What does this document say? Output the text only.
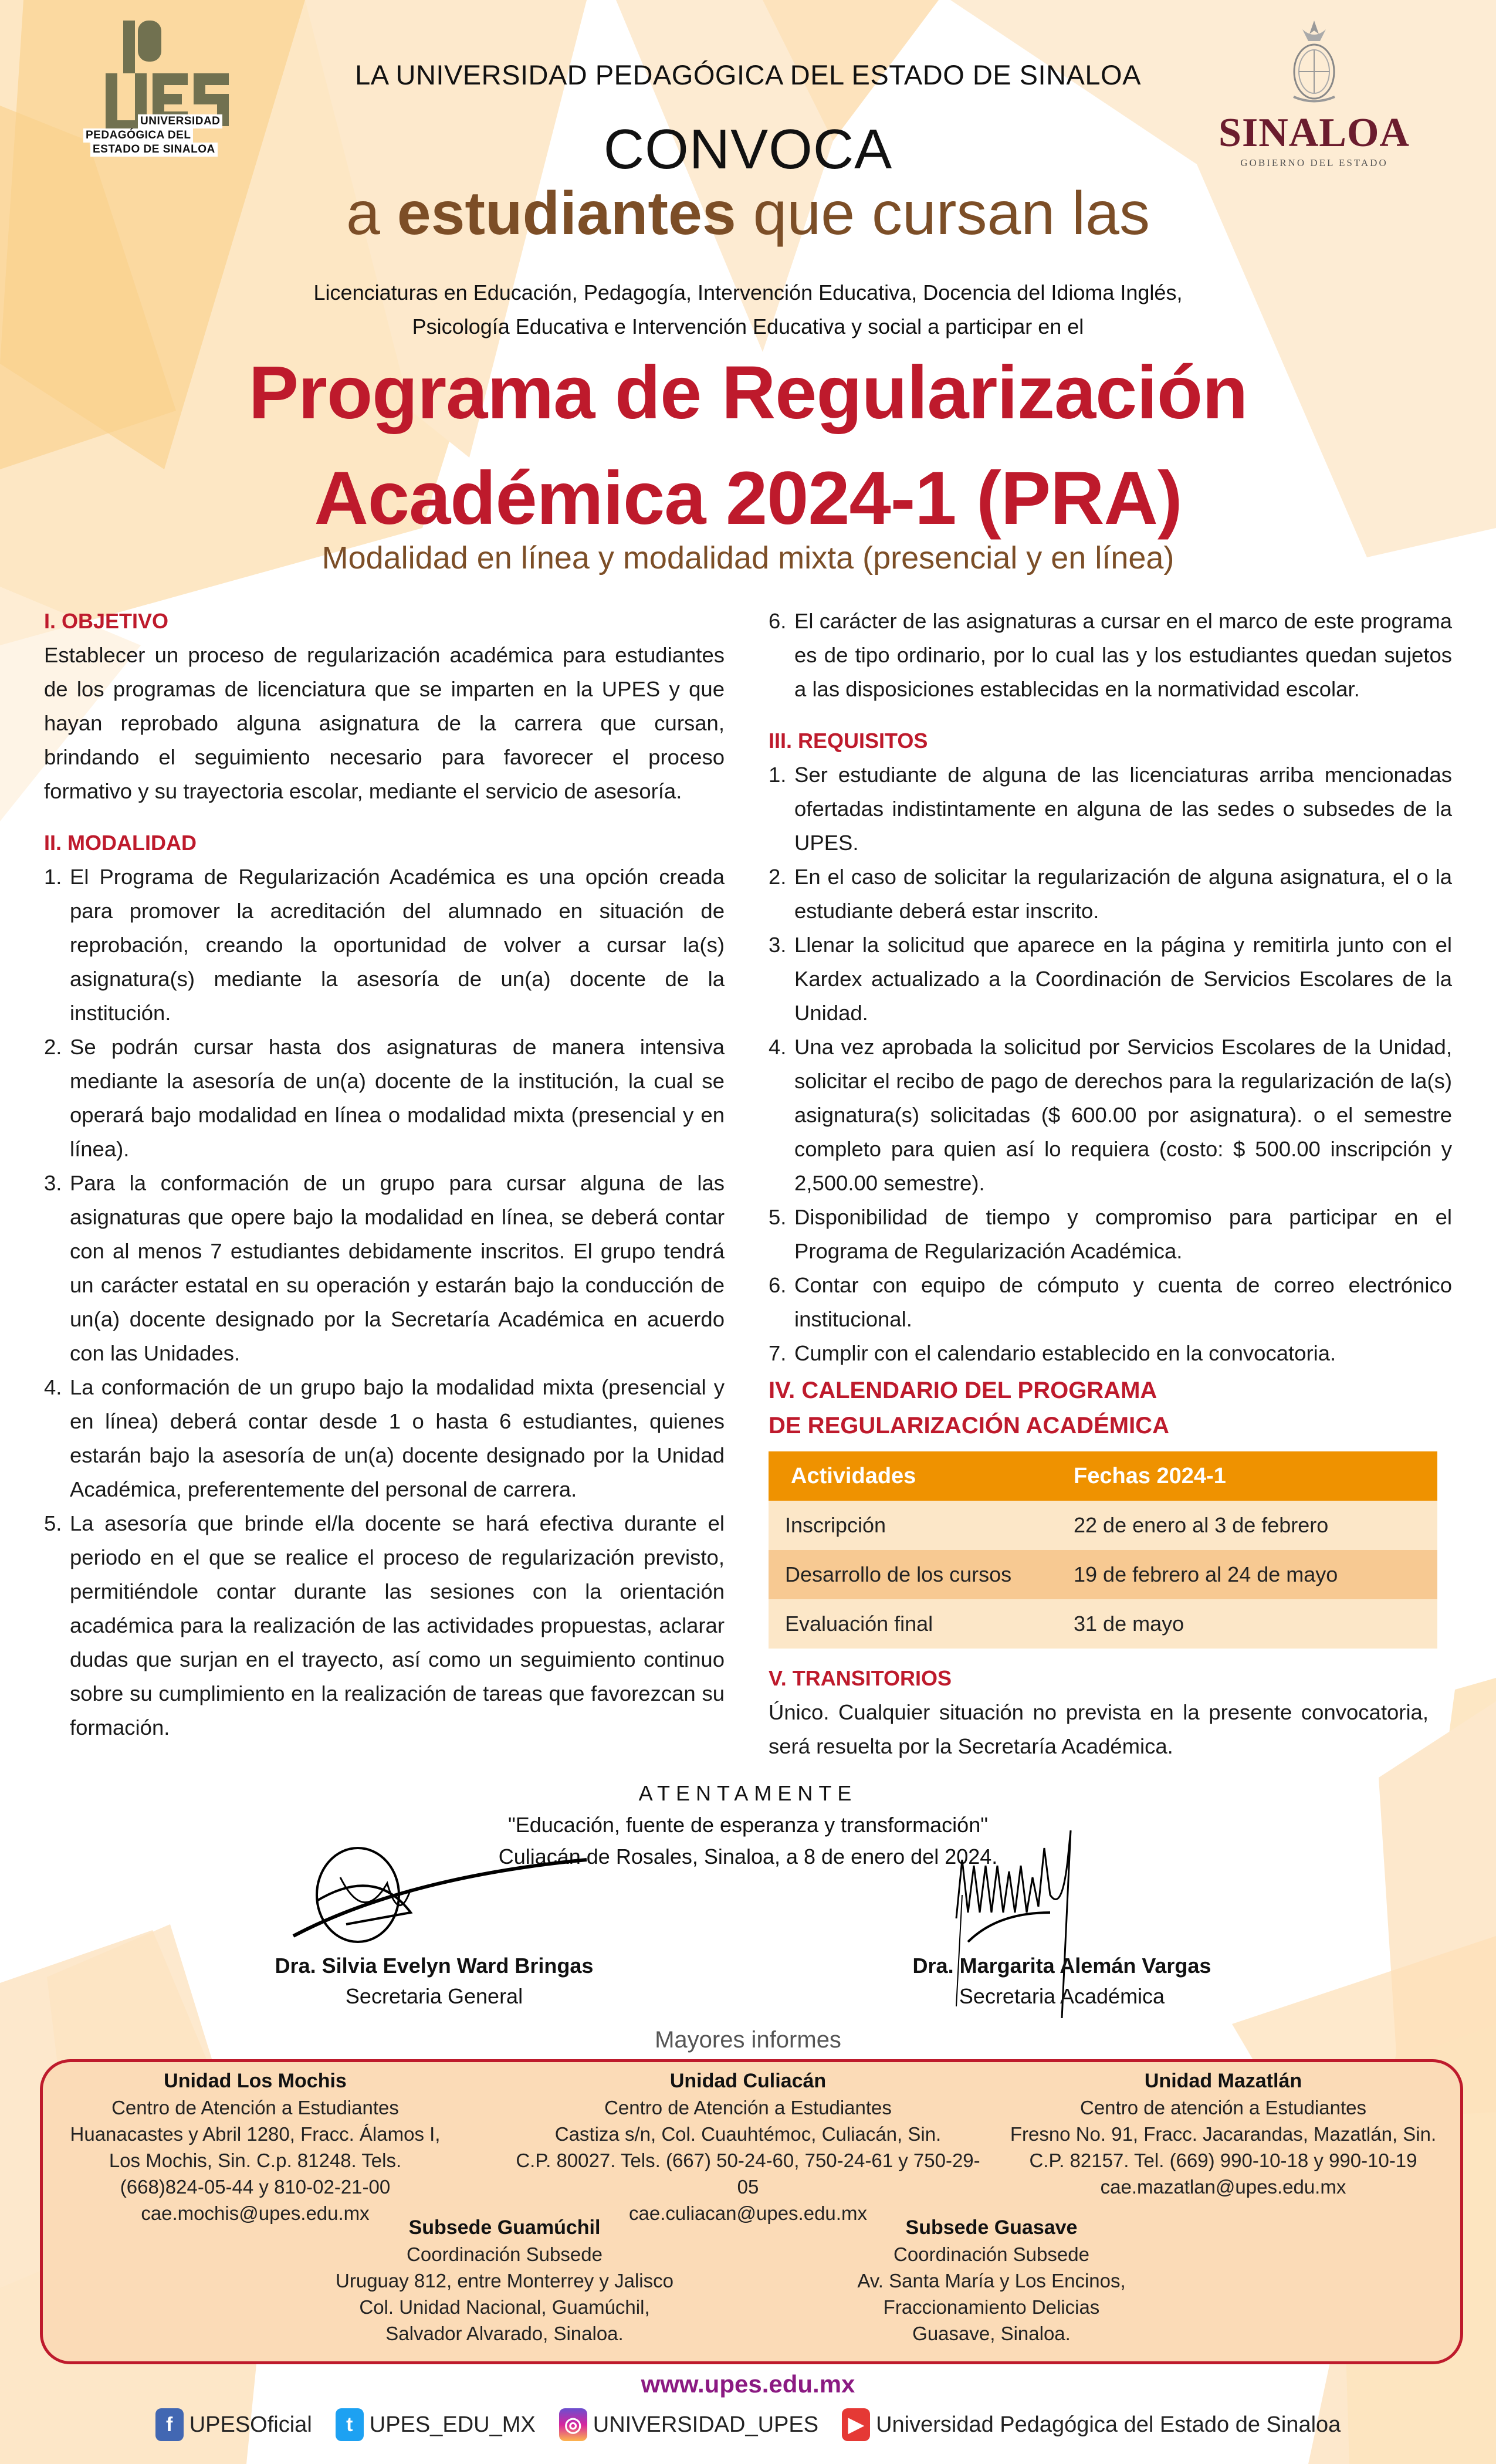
UNIVERSIDAD
PEDAGÓGICA DEL
ESTADO DE SINALOA	SINALOA
GOBIERNO DEL ESTADO
LA UNIVERSIDAD PEDAGÓGICA DEL ESTADO DE SINALOA
CONVOCA
a estudiantes que cursan las
Licenciaturas en Educación, Pedagogía, Intervención Educativa, Docencia del Idioma Inglés,
Psicología Educativa e Intervención Educativa y social a participar en el
Programa de Regularización
Académica 2024-1 (PRA)
Modalidad en línea y modalidad mixta (presencial y en línea)
I. OBJETIVO
Establecer un proceso de regularización académica para estudiantes de los programas de licenciatura que se imparten en la UPES y que hayan reprobado alguna asignatura de la carrera que cursan, brindando el seguimiento necesario para favorecer el proceso formativo y su trayectoria escolar, mediante el servicio de asesoría.
II. MODALIDAD
1. El Programa de Regularización Académica es una opción creada para promover la acreditación del alumnado en situación de reprobación, creando la oportunidad de volver a cursar la(s) asignatura(s) mediante la asesoría de un(a) docente de la institución.
2. Se podrán cursar hasta dos asignaturas de manera intensiva mediante la asesoría de un(a) docente de la institución, la cual se operará bajo modalidad en línea o modalidad mixta (presencial y en línea).
3. Para la conformación de un grupo para cursar alguna de las asignaturas que opere bajo la modalidad en línea, se deberá contar con al menos 7 estudiantes debidamente inscritos. El grupo tendrá un carácter estatal en su operación y estarán bajo la conducción de un(a) docente designado por la Secretaría Académica en acuerdo con las Unidades.
4. La conformación de un grupo bajo la modalidad mixta (presencial y en línea) deberá contar desde 1 o hasta 6 estudiantes, quienes estarán bajo la asesoría de un(a) docente designado por la Unidad Académica, preferentemente del personal de carrera.
5. La asesoría que brinde el/la docente se hará efectiva durante el periodo en el que se realice el proceso de regularización previsto, permitiéndole contar durante las sesiones con la orientación académica para la realización de las actividades propuestas, aclarar dudas que surjan en el trayecto, así como un seguimiento continuo sobre su cumplimiento en la realización de tareas que favorezcan su formación.
6. El carácter de las asignaturas a cursar en el marco de este programa es de tipo ordinario, por lo cual las y los estudiantes quedan sujetos a las disposiciones establecidas en la normatividad escolar.
III. REQUISITOS
1. Ser estudiante de alguna de las licenciaturas arriba mencionadas ofertadas indistintamente en alguna de las sedes o subsedes de la UPES.
2. En el caso de solicitar la regularización de alguna asignatura, el o la estudiante deberá estar inscrito.
3. Llenar la solicitud que aparece en la página y remitirla junto con el Kardex actualizado a la Coordinación de Servicios Escolares de la Unidad.
4. Una vez aprobada la solicitud por Servicios Escolares de la Unidad, solicitar el recibo de pago de derechos para la regularización de la(s) asignatura(s) solicitadas ($ 600.00 por asignatura). o el semestre completo para quien así lo requiera (costo: $ 500.00 inscripción y 2,500.00 semestre).
5. Disponibilidad de tiempo y compromiso para participar en el Programa de Regularización Académica.
6. Contar con equipo de cómputo y cuenta de correo electrónico institucional.
7. Cumplir con el calendario establecido en la convocatoria.
IV. CALENDARIO DEL PROGRAMA
DE REGULARIZACIÓN ACADÉMICA
Actividades	Fechas 2024-1
Inscripción	22 de enero al 3 de febrero
Desarrollo de los cursos	19 de febrero al 24 de mayo
Evaluación final	31 de mayo
V. TRANSITORIOS
Único. Cualquier situación no prevista en la presente convocatoria, será resuelta por la Secretaría Académica.
ATENTAMENTE
"Educación, fuente de esperanza y transformación"
Culiacán de Rosales, Sinaloa, a 8 de enero del 2024.
Dra. Silvia Evelyn Ward Bringas
Secretaria General
Dra. Margarita Alemán Vargas
Secretaria Académica
Mayores informes
Unidad Los Mochis
Centro de Atención a Estudiantes
Huanacastes y Abril 1280, Fracc. Álamos I,
Los Mochis, Sin. C.p. 81248. Tels.
(668)824-05-44 y 810-02-21-00
cae.mochis@upes.edu.mx
Unidad Culiacán
Centro de Atención a Estudiantes
Castiza s/n, Col. Cuauhtémoc, Culiacán, Sin.
C.P. 80027. Tels. (667) 50-24-60, 750-24-61 y 750-29-05
cae.culiacan@upes.edu.mx
Unidad Mazatlán
Centro de atención a Estudiantes
Fresno No. 91, Fracc. Jacarandas, Mazatlán, Sin.
C.P. 82157. Tel. (669) 990-10-18 y 990-10-19
cae.mazatlan@upes.edu.mx
Subsede Guamúchil
Coordinación Subsede
Uruguay 812, entre Monterrey y Jalisco
Col. Unidad Nacional, Guamúchil,
Salvador Alvarado, Sinaloa.
Subsede Guasave
Coordinación Subsede
Av. Santa María y Los Encinos,
Fraccionamiento Delicias
Guasave, Sinaloa.
www.upes.edu.mx
f UPESOficial	t UPES_EDU_MX ◎ UNIVERSIDAD_UPES	▶ Universidad Pedagógica del Estado de Sinaloa
